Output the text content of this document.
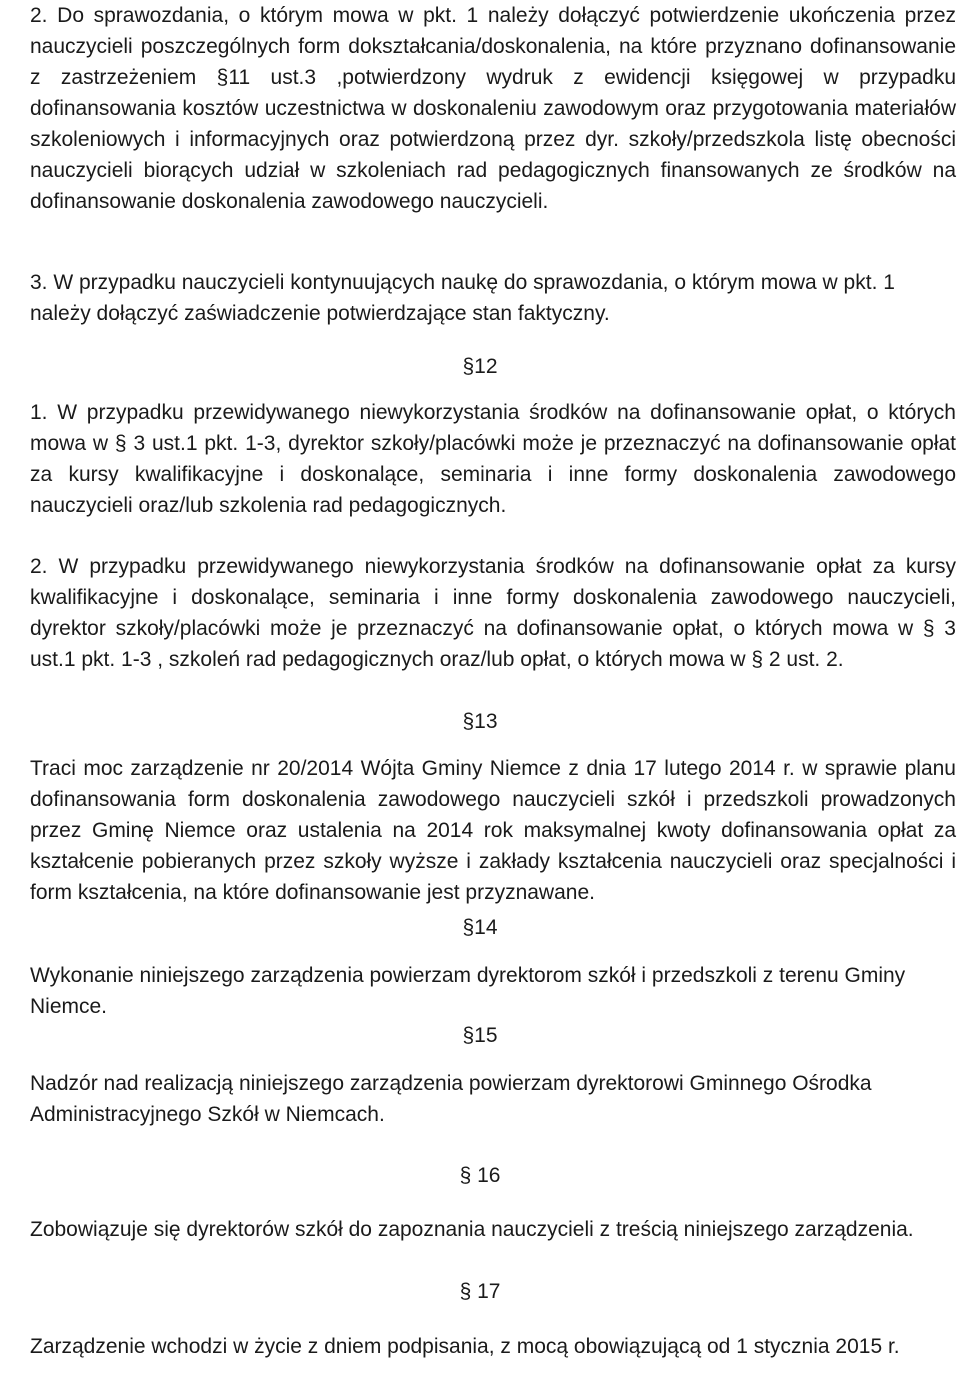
2. Do sprawozdania, o którym mowa w pkt. 1 należy dołączyć potwierdzenie ukończenia przez nauczycieli poszczególnych form dokształcania/doskonalenia, na które przyznano dofinansowanie z zastrzeżeniem §11 ust.3 ,potwierdzony wydruk z ewidencji księgowej w przypadku dofinansowania kosztów uczestnictwa w doskonaleniu zawodowym oraz przygotowania materiałów szkoleniowych i informacyjnych oraz potwierdzoną przez dyr. szkoły/przedszkola listę obecności nauczycieli biorących udział w szkoleniach rad pedagogicznych finansowanych ze środków na dofinansowanie doskonalenia zawodowego nauczycieli.

3. W przypadku nauczycieli kontynuujących naukę do sprawozdania, o którym mowa w pkt. 1 należy dołączyć zaświadczenie potwierdzające stan faktyczny.

§12

1. W przypadku przewidywanego niewykorzystania środków na dofinansowanie opłat, o których mowa w § 3 ust.1 pkt. 1-3, dyrektor szkoły/placówki może je przeznaczyć na dofinansowanie opłat za kursy kwalifikacyjne i doskonalące, seminaria i inne formy doskonalenia zawodowego nauczycieli oraz/lub szkolenia rad pedagogicznych.

2. W przypadku przewidywanego niewykorzystania środków na dofinansowanie opłat za kursy kwalifikacyjne i doskonalące, seminaria i inne formy doskonalenia zawodowego nauczycieli, dyrektor szkoły/placówki może je przeznaczyć na dofinansowanie opłat, o których mowa w § 3 ust.1 pkt. 1-3 , szkoleń rad pedagogicznych oraz/lub opłat, o których mowa w § 2 ust. 2.

§13

Traci moc zarządzenie nr 20/2014 Wójta Gminy Niemce z dnia 17 lutego 2014 r. w sprawie planu dofinansowania form doskonalenia zawodowego nauczycieli szkół i przedszkoli prowadzonych przez Gminę Niemce oraz ustalenia na 2014 rok maksymalnej kwoty dofinansowania opłat za kształcenie pobieranych przez szkoły wyższe i zakłady kształcenia nauczycieli oraz specjalności i form kształcenia, na które dofinansowanie jest przyznawane.

§14

Wykonanie niniejszego zarządzenia powierzam dyrektorom szkół i przedszkoli z terenu Gminy Niemce.

§15

Nadzór nad realizacją niniejszego zarządzenia powierzam dyrektorowi Gminnego Ośrodka Administracyjnego Szkół w Niemcach.

§ 16

Zobowiązuje się dyrektorów szkół do zapoznania nauczycieli z treścią niniejszego zarządzenia.

§ 17

Zarządzenie wchodzi w życie z dniem podpisania, z mocą obowiązującą od 1 stycznia 2015 r.
